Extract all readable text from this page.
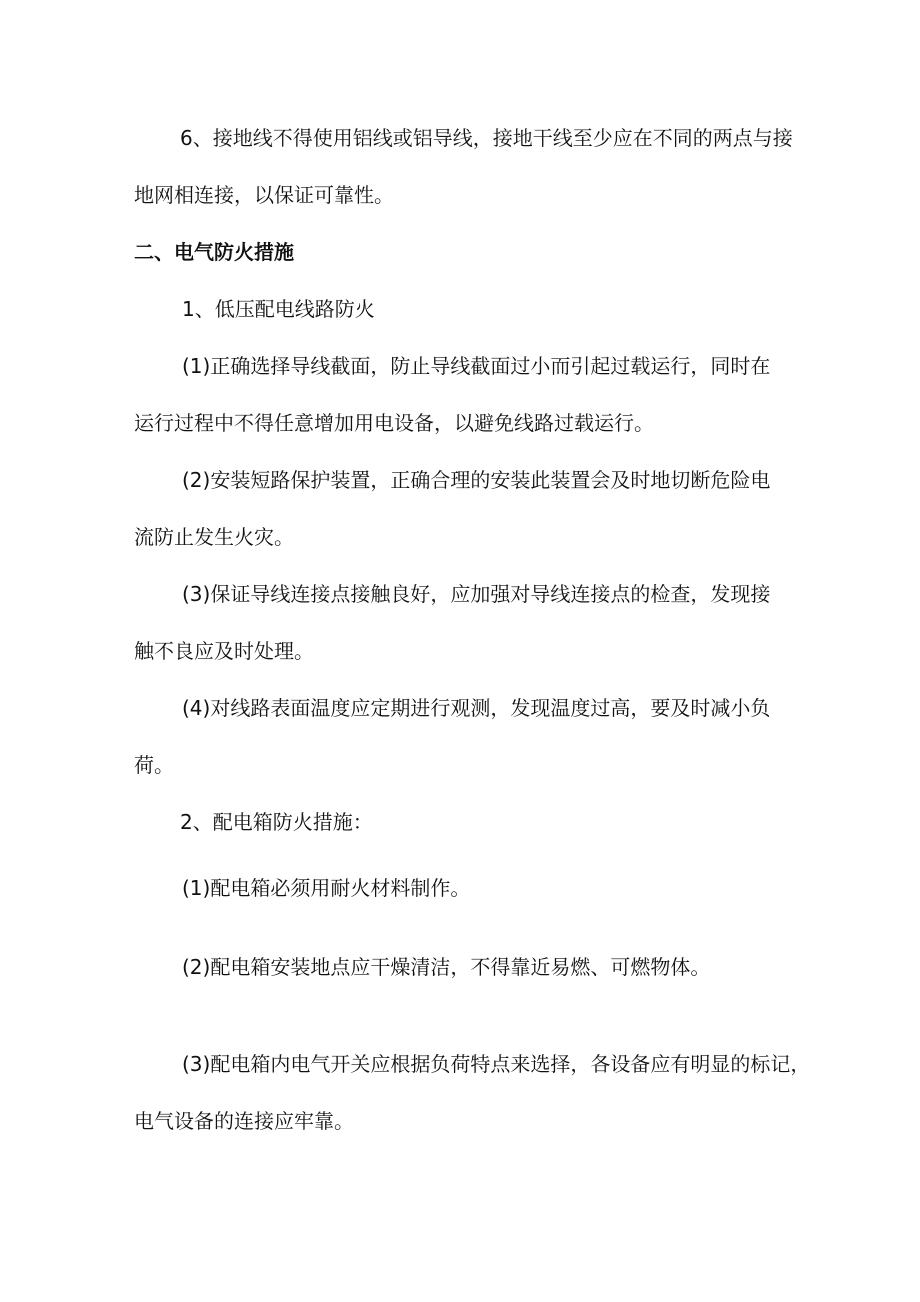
6、接地线不得使用铝线或铝导线，接地干线至少应在不同的两点与接
地网相连接，以保证可靠性。
二、电气防火措施
1、低压配电线路防火
(1)正确选择导线截面，防止导线截面过小而引起过载运行，同时在
运行过程中不得任意增加用电设备，以避免线路过载运行。
(2)安装短路保护装置，正确合理的安装此装置会及时地切断危险电
流防止发生火灾。
(3)保证导线连接点接触良好，应加强对导线连接点的检查，发现接
触不良应及时处理。
(4)对线路表面温度应定期进行观测，发现温度过高，要及时减小负
荷。
2、配电箱防火措施：
(1)配电箱必须用耐火材料制作。
(2)配电箱安装地点应干燥清洁，不得靠近易燃、可燃物体。
(3)配电箱内电气开关应根据负荷特点来选择，各设备应有明显的标记，
电气设备的连接应牢靠。
